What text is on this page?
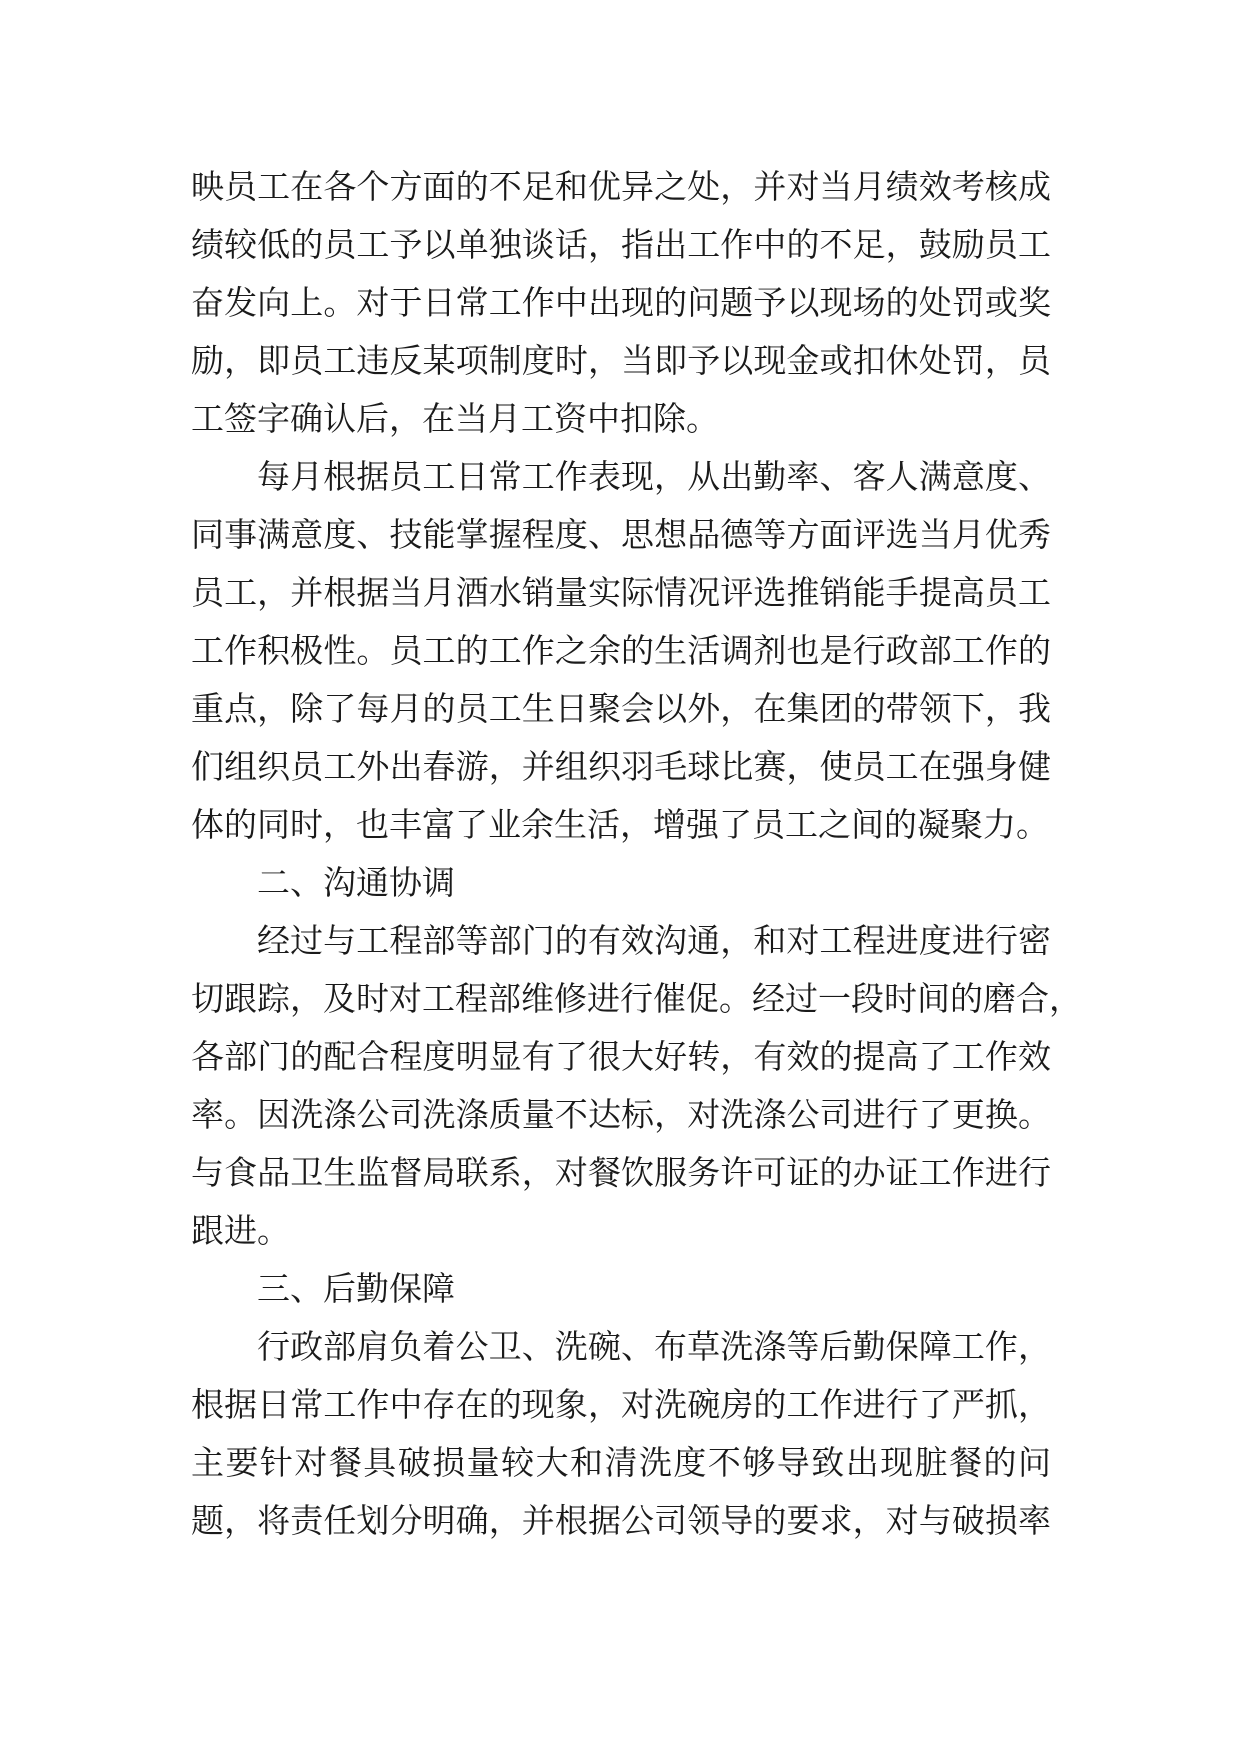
映员工在各个方面的不足和优异之处，并对当月绩效考核成
绩较低的员工予以单独谈话，指出工作中的不足，鼓励员工
奋发向上。对于日常工作中出现的问题予以现场的处罚或奖
励，即员工违反某项制度时，当即予以现金或扣休处罚，员
工签字确认后，在当月工资中扣除。
每月根据员工日常工作表现，从出勤率、客人满意度、
同事满意度、技能掌握程度、思想品德等方面评选当月优秀
员工，并根据当月酒水销量实际情况评选推销能手提高员工
工作积极性。员工的工作之余的生活调剂也是行政部工作的
重点，除了每月的员工生日聚会以外，在集团的带领下，我
们组织员工外出春游，并组织羽毛球比赛，使员工在强身健
体的同时，也丰富了业余生活，增强了员工之间的凝聚力。
二、沟通协调
经过与工程部等部门的有效沟通，和对工程进度进行密
切跟踪，及时对工程部维修进行催促。经过一段时间的磨合，
各部门的配合程度明显有了很大好转，有效的提高了工作效
率。因洗涤公司洗涤质量不达标，对洗涤公司进行了更换。
与食品卫生监督局联系，对餐饮服务许可证的办证工作进行
跟进。
三、后勤保障
行政部肩负着公卫、洗碗、布草洗涤等后勤保障工作，
根据日常工作中存在的现象，对洗碗房的工作进行了严抓，
主要针对餐具破损量较大和清洗度不够导致出现脏餐的问
题，将责任划分明确，并根据公司领导的要求，对与破损率
